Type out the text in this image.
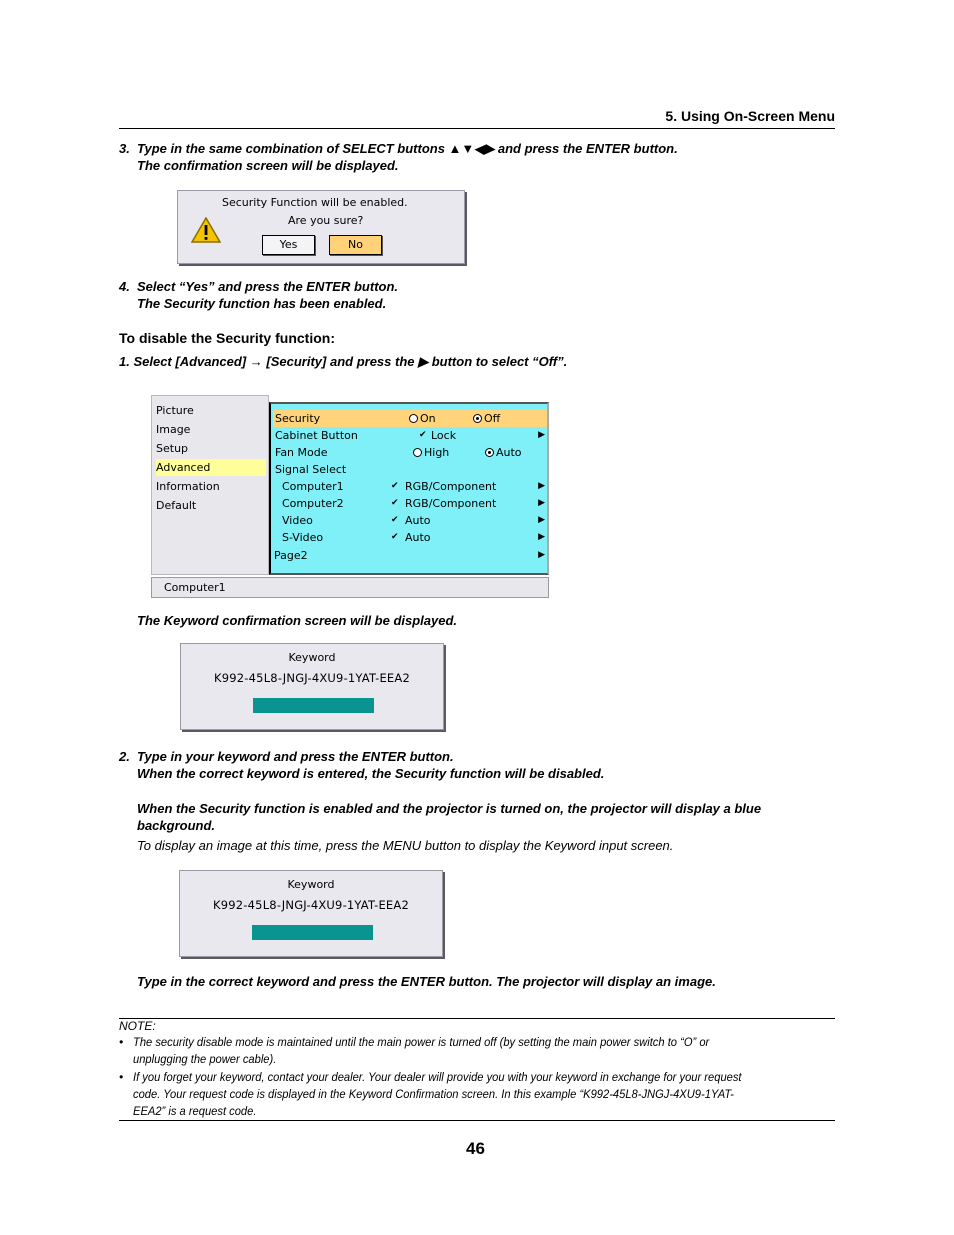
5. Using On-Screen Menu
3. Type in the same combination of SELECT buttons ▲▼◀▶ and press the ENTER button.
The confirmation screen will be displayed.
Security Function will be enabled.
Are you sure?
Yes	No
4. Select “Yes” and press the ENTER button.
The Security function has been enabled.
To disable the Security function:
1. Select [Advanced] → [Security] and press the ▶ button to select “Off”.
Picture
Image
Setup
Advanced
Information
Default
Security	On	Off
Cabinet Button	✔ Lock	▶
Fan Mode	High	Auto
Signal Select
Computer1	✔ RGB/Component	▶
Computer2	✔ RGB/Component	▶
Video	✔ Auto	▶
S-Video	✔ Auto	▶
Page2	▶
Computer1
The Keyword confirmation screen will be displayed.
Keyword
K992-45L8-JNGJ-4XU9-1YAT-EEA2
2. Type in your keyword and press the ENTER button.
When the correct keyword is entered, the Security function will be disabled.
When the Security function is enabled and the projector is turned on, the projector will display a blue
background.
To display an image at this time, press the MENU button to display the Keyword input screen.
Keyword
K992-45L8-JNGJ-4XU9-1YAT-EEA2
Type in the correct keyword and press the ENTER button. The projector will display an image.
NOTE:
• The security disable mode is maintained until the main power is turned off (by setting the main power switch to “O” or
unplugging the power cable).
• If you forget your keyword, contact your dealer. Your dealer will provide you with your keyword in exchange for your request
code. Your request code is displayed in the Keyword Confirmation screen. In this example “K992-45L8-JNGJ-4XU9-1YAT-
EEA2” is a request code.
46
